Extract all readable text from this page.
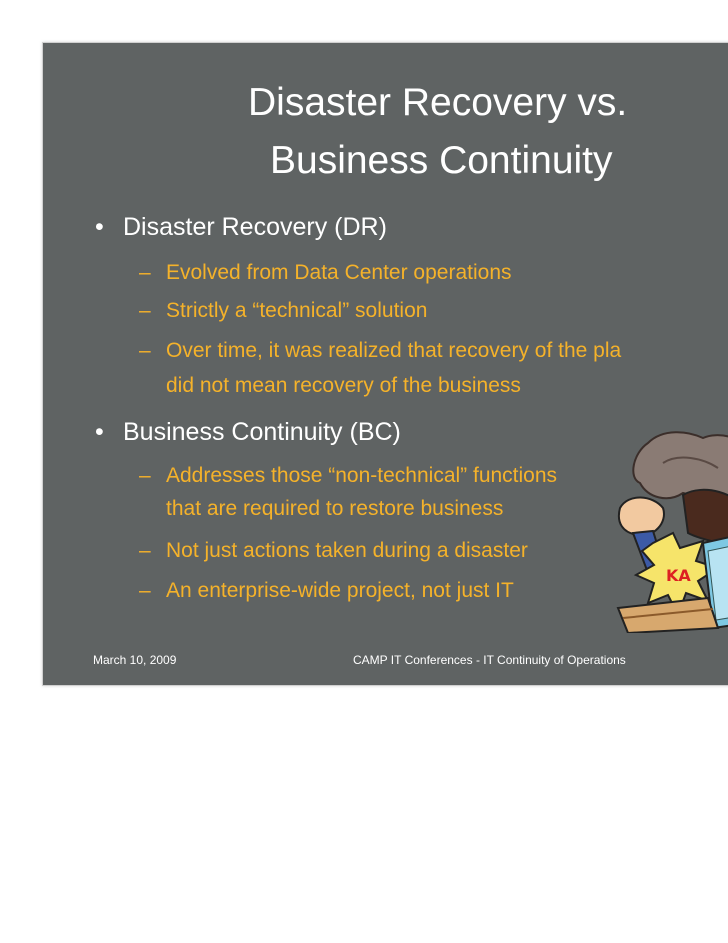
Disaster Recovery vs.
Business Continuity
• Disaster Recovery (DR)
– Evolved from Data Center operations
– Strictly a “technical” solution
– Over time, it was realized that recovery of the pla
did not mean recovery of the business
• Business Continuity (BC)
– Addresses those “non-technical” functions
that are required to restore business
– Not just actions taken during a disaster
– An enterprise-wide project, not just IT
KA
March 10, 2009	CAMP IT Conferences - IT Continuity of Operations
